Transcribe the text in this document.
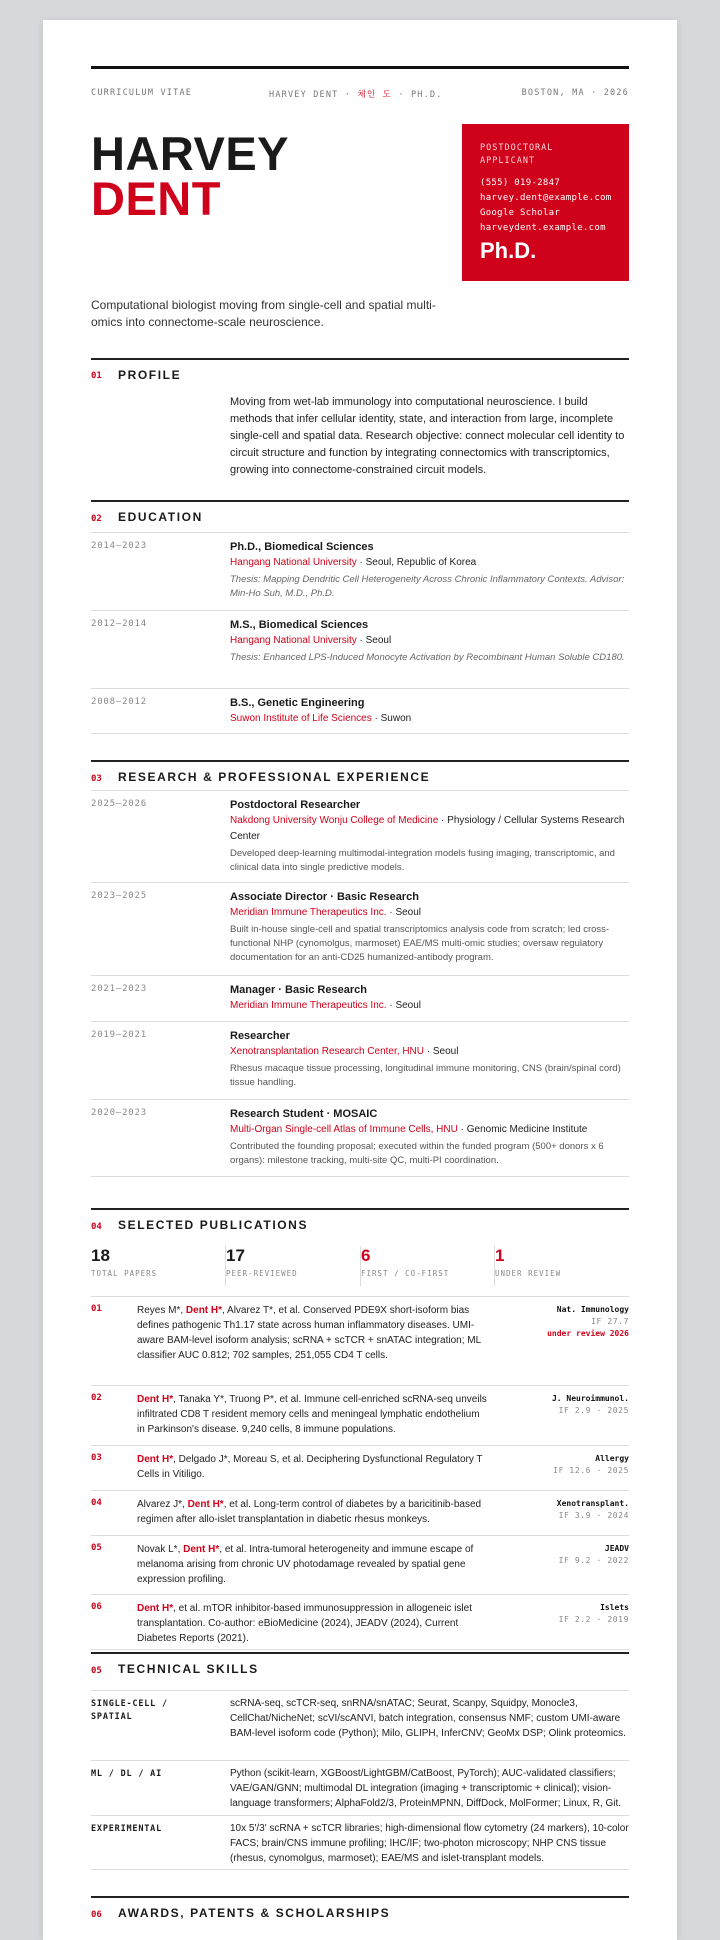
CURRICULUM VITAE	HARVEY DENT · 체인 도 · PH.D.	BOSTON, MA · 2026
HARVEY
DENT
POSTDOCTORAL APPLICANT
(555) 019-2847
harvey.dent@example.com
Google Scholar
harveydent.example.com
Ph.D.
Computational biologist moving from single-cell and spatial multi-omics into connectome-scale neuroscience.
01 PROFILE
Moving from wet-lab immunology into computational neuroscience. I build methods that infer cellular identity, state, and interaction from large, incomplete single-cell and spatial data. Research objective: connect molecular cell identity to circuit structure and function by integrating connectomics with transcriptomics, growing into connectome-constrained circuit models.
02 EDUCATION
2014–2023	Ph.D., Biomedical Sciences
Hangang National University · Seoul, Republic of Korea
Thesis: Mapping Dendritic Cell Heterogeneity Across Chronic Inflammatory Contexts. Advisor: Min-Ho Suh, M.D., Ph.D.
2012–2014	M.S., Biomedical Sciences
Hangang National University · Seoul
Thesis: Enhanced LPS-Induced Monocyte Activation by Recombinant Human Soluble CD180.
2008–2012	B.S., Genetic Engineering
Suwon Institute of Life Sciences · Suwon
03 RESEARCH & PROFESSIONAL EXPERIENCE
2025–2026	Postdoctoral Researcher
Nakdong University Wonju College of Medicine · Physiology / Cellular Systems Research Center
Developed deep-learning multimodal-integration models fusing imaging, transcriptomic, and clinical data into single predictive models.
2023–2025	Associate Director · Basic Research
Meridian Immune Therapeutics Inc. · Seoul
Built in-house single-cell and spatial transcriptomics analysis code from scratch; led cross-functional NHP (cynomolgus, marmoset) EAE/MS multi-omic studies; oversaw regulatory documentation for an anti-CD25 humanized-antibody program.
2021–2023	Manager · Basic Research
Meridian Immune Therapeutics Inc. · Seoul
2019–2021	Researcher
Xenotransplantation Research Center, HNU · Seoul
Rhesus macaque tissue processing, longitudinal immune monitoring, CNS (brain/spinal cord) tissue handling.
2020–2023	Research Student · MOSAIC
Multi-Organ Single-cell Atlas of Immune Cells, HNU · Genomic Medicine Institute
Contributed the founding proposal; executed within the funded program (500+ donors x 6 organs): milestone tracking, multi-site QC, multi-PI coordination.
04 SELECTED PUBLICATIONS
18
TOTAL PAPERS
17
PEER-REVIEWED
6
FIRST / CO-FIRST
1
UNDER REVIEW
01	Reyes M*, Dent H*, Alvarez T*, et al. Conserved PDE9X short-isoform bias defines pathogenic Th1.17 state across human inflammatory diseases. UMI-aware BAM-level isoform analysis; scRNA + scTCR + snATAC integration; ML classifier AUC 0.812; 702 samples, 251,055 CD4 T cells.
Nat. Immunology
IF 27.7
under review 2026
02	Dent H*, Tanaka Y*, Truong P*, et al. Immune cell-enriched scRNA-seq unveils infiltrated CD8 T resident memory cells and meningeal lymphatic endothelium in Parkinson's disease. 9,240 cells, 8 immune populations.
J. Neuroimmunol.
IF 2.9 · 2025
03	Dent H*, Delgado J*, Moreau S, et al. Deciphering Dysfunctional Regulatory T Cells in Vitiligo.
Allergy
IF 12.6 · 2025
04	Alvarez J*, Dent H*, et al. Long-term control of diabetes by a baricitinib-based regimen after allo-islet transplantation in diabetic rhesus monkeys.
Xenotransplant.
IF 3.9 · 2024
05	Novak L*, Dent H*, et al. Intra-tumoral heterogeneity and immune escape of melanoma arising from chronic UV photodamage revealed by spatial gene expression profiling.
JEADV
IF 9.2 · 2022
06	Dent H*, et al. mTOR inhibitor-based immunosuppression in allogeneic islet transplantation. Co-author: eBioMedicine (2024), JEADV (2024), Current Diabetes Reports (2021).
Islets
IF 2.2 · 2019
05 TECHNICAL SKILLS
SINGLE-CELL / SPATIAL
scRNA-seq, scTCR-seq, snRNA/snATAC; Seurat, Scanpy, Squidpy, Monocle3, CellChat/NicheNet; scVI/scANVI, batch integration, consensus NMF; custom UMI-aware BAM-level isoform code (Python); Milo, GLIPH, InferCNV; GeoMx DSP; Olink proteomics.
ML / DL / AI	Python (scikit-learn, XGBoost/LightGBM/CatBoost, PyTorch); AUC-validated classifiers; VAE/GAN/GNN; multimodal DL integration (imaging + transcriptomic + clinical); vision-language transformers; AlphaFold2/3, ProteinMPNN, DiffDock, MolFormer; Linux, R, Git.
EXPERIMENTAL	10x 5'/3' scRNA + scTCR libraries; high-dimensional flow cytometry (24 markers), 10-color FACS; brain/CNS immune profiling; IHC/IF; two-photon microscopy; NHP CNS tissue (rhesus, cynomolgus, marmoset); EAE/MS and islet-transplant models.
06 AWARDS, PATENTS & SCHOLARSHIPS
